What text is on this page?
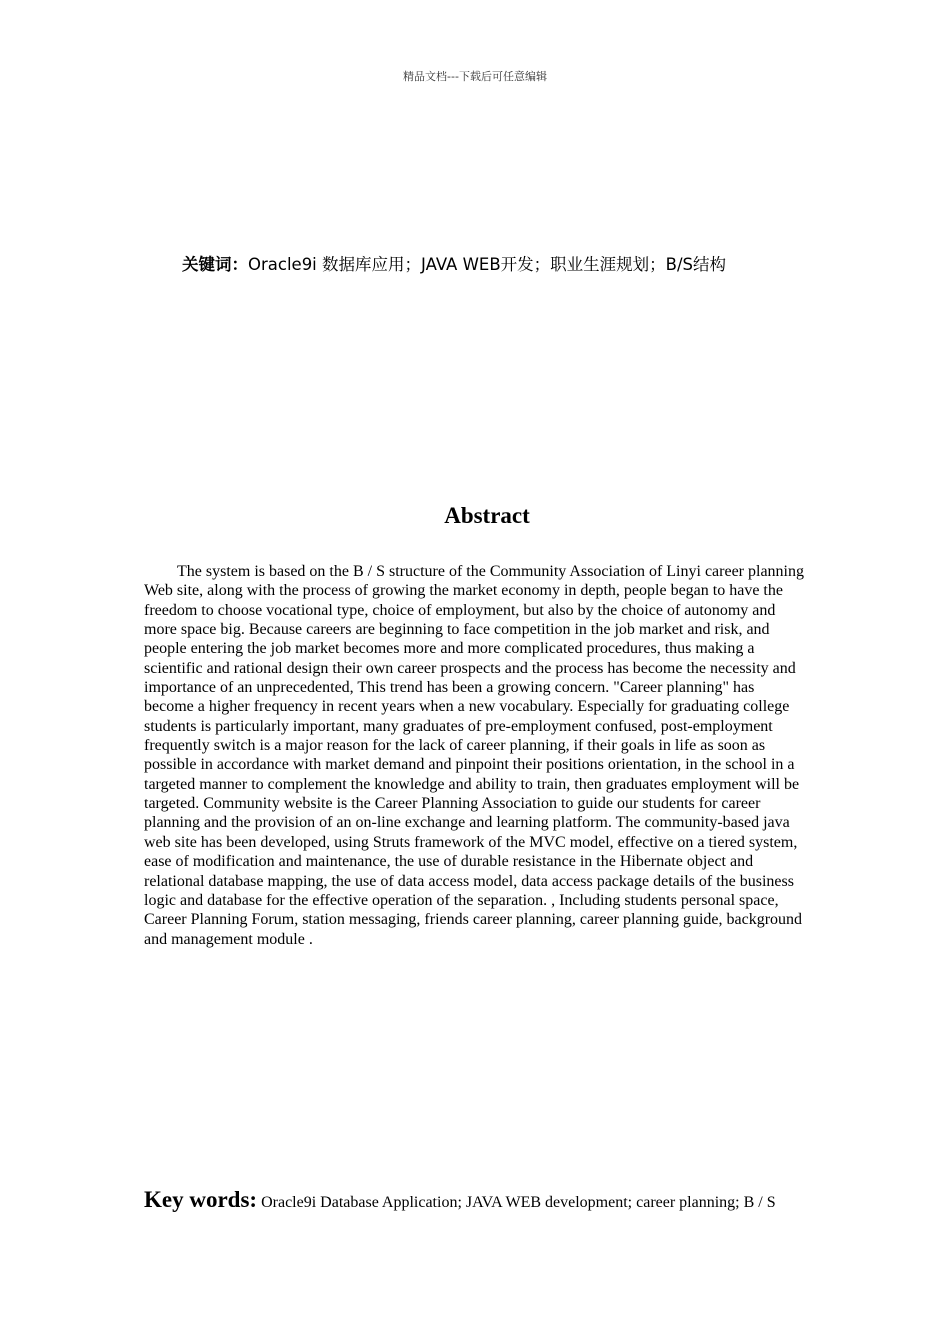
精品文档---下载后可任意编辑
关键词：Oracle9i 数据库应用；JAVA WEB开发；职业生涯规划；B/S结构
Abstract

The system is based on the B / S structure of the Community Association of Linyi career planning Web site, along with the process of growing the market economy in depth, people began to have the freedom to choose vocational type, choice of employment, but also by the choice of autonomy and more space big. Because careers are beginning to face competition in the job market and risk, and people entering the job market becomes more and more complicated procedures, thus making a scientific and rational design their own career prospects and the process has become the necessity and importance of an unprecedented, This trend has been a growing concern. "Career planning" has become a higher frequency in recent years when a new vocabulary. Especially for graduating college students is particularly important, many graduates of pre-employment confused, post-employment frequently switch is a major reason for the lack of career planning, if their goals in life as soon as possible in accordance with market demand and pinpoint their positions orientation, in the school in a targeted manner to complement the knowledge and ability to train, then graduates employment will be targeted. Community website is the Career Planning Association to guide our students for career planning and the provision of an on-line exchange and learning platform. The community-based java web site has been developed, using Struts framework of the MVC model, effective on a tiered system, ease of modification and maintenance, the use of durable resistance in the Hibernate object and relational database mapping, the use of data access model, data access package details of the business logic and database for the effective operation of the separation. , Including students personal space, Career Planning Forum, station messaging, friends career planning, career planning guide, background and management module .

Key words: Oracle9i Database Application; JAVA WEB development; career planning; B / S
